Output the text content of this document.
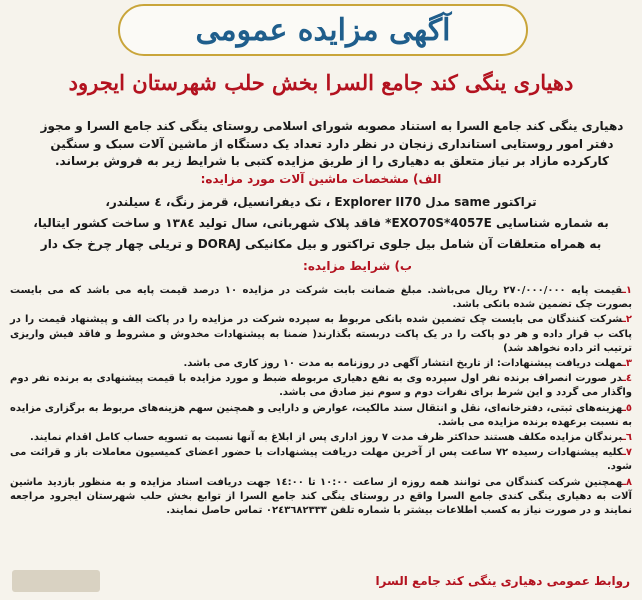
آگهی مزایده عمومی
دهیاری ینگی کند جامع السرا بخش حلب شهرستان ایجرود
دهیاری ینگی کند جامع السرا به استناد مصوبه شورای اسلامی روستای ینگی کند جامع السرا و مجوز دفتر امور روستایی استانداری زنجان در نظر دارد تعداد یک دستگاه از ماشین آلات سبک و سنگین کارکرده مازاد بر نیاز متعلق به دهیاری را از طریق مزایده کتبی با شرایط زیر به فروش برساند.
الف) مشخصات ماشین آلات مورد مزایده:
تراکتور same مدل Explorer II70 ، تک دیفرانسیل، قرمز رنگ، ٤ سیلندر،
به شماره شناسایی EXO70S*4057E* فاقد پلاک شهربانی، سال تولید ١٣٨٤ و ساخت کشور ایتالیا،
به همراه متعلقات آن شامل بیل جلوی تراکتور و بیل مکانیکی DORAJ و تریلی چهار چرخ جک دار
ب) شرایط مزایده:
١ـقیمت پایه ٢٧٠/٠٠٠/٠٠٠ ریال می‌باشد. مبلغ ضمانت بابت شرکت در مزایده ١٠ درصد قیمت پایه می باشد که می بایست بصورت چک تضمین شده بانکی باشد.
٢ـشرکت کنندگان می بایست چک تضمین شده بانکی مربوط به سپرده شرکت در مزایده را در پاکت الف و پیشنهاد قیمت را در پاکت ب قرار داده و هر دو پاکت را در یک پاکت دربسته بگذارند( ضمنا به پیشنهادات مخدوش و مشروط و فاقد فیش واریزی ترتیب اثر داده نخواهد شد)
٣ـمهلت دریافت پیشنهادات: از تاریخ انتشار آگهی در روزنامه به مدت ١٠ روز کاری می باشد.
٤ـدر صورت انصراف برنده نفر اول سپرده وی به نفع دهیاری مربوطه ضبط و مورد مزایده با قیمت پیشنهادی به برنده نفر دوم واگذار می گردد و این شرط برای نفرات دوم و سوم نیز صادق می باشد.
٥ـهزینه‌های ثبتی، دفترخانه‌ای، نقل و انتقال سند مالکیت، عوارض و دارایی و همچنین سهم هزینه‌های مربوط به برگزاری مزایده به نسبت برعهده برنده مزایده می باشد.
٦ـبرندگان مزایده مکلف هستند حداکثر ظرف مدت ٧ روز اداری پس از ابلاغ به آنها نسبت به تسویه حساب کامل اقدام نمایند.
٧ـکلیه پیشنهادات رسیده ٧٢ ساعت پس از آخرین مهلت دریافت پیشنهادات با حضور اعضای کمیسیون معاملات باز و قرائت می شود.
٨ـهمچنین شرکت کنندگان می توانند همه روزه از ساعت ١٠:٠٠ تا ١٤:٠٠ جهت دریافت اسناد مزایده و به منظور بازدید ماشین آلات به دهیاری ینگی کندی جامع السرا واقع در روستای ینگی کند جامع السرا از توابع بخش حلب شهرستان ایجرود مراجعه نمایند و در صورت نیاز به کسب اطلاعات بیشتر با شماره تلفن ٠٢٤٣٦٨٢٣٣٣ تماس حاصل نمایند.
روابط عمومی دهیاری ینگی کند جامع السرا
